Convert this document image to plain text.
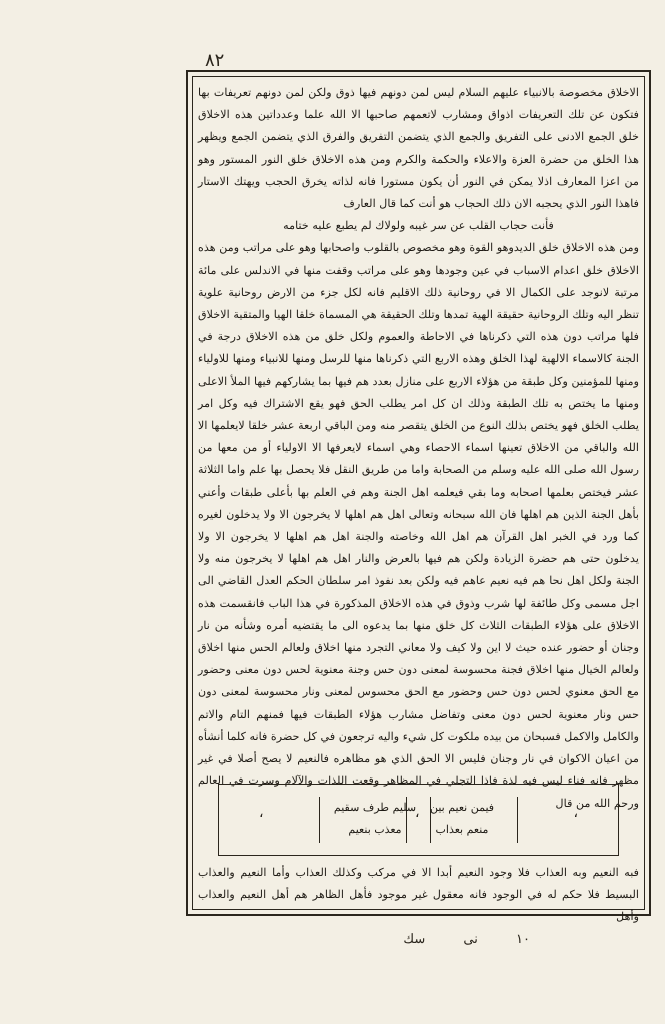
٨٢

الاخلاق مخصوصة بالانبياء عليهم السلام ليس لمن دونهم فيها ذوق ولكن لمن دونهم تعريفات بها فتكون عن تلك التعريفات اذواق ومشارب لاتعمهم صاحبها الا الله علما وعدداتين هذه الاخلاق خلق الجمع الادنى على التفريق والجمع الذي يتضمن التفريق والفرق الذي يتضمن الجمع ويظهر هذا الخلق من حضرة العزة والاعلاء والحكمة والكرم ومن هذه الاخلاق خلق النور المستور وهو من اعزا المعارف اذلا يمكن في النور أن يكون مستورا فانه لذاته يخرق الحجب ويهتك الاستار فاهذا النور الذي يحجبه الان ذلك الحجاب هو أنت كما قال العارف

فأنت حجاب القلب عن سر غيبه ولولاك لم يطبع عليه ختامه

ومن هذه الاخلاق خلق الديدوهو القوة وهو مخصوص بالقلوب واصحابها وهو على مراتب ومن هذه الاخلاق خلق اعدام الاسباب في عين وجودها وهو على مراتب وقفت منها في الاندلس على مائة مرتبة لانوجد على الكمال الا في روحانية ذلك الاقليم فانه لكل جزء من الارض روحانية علوية تنظر اليه وتلك الروحانية حقيقة الهية تمدها وتلك الحقيقة هي المسماة خلقا الهيا والمتقية الاخلاق فلها مراتب دون هذه التي ذكرناها في الاحاطة والعموم ولكل خلق من هذه الاخلاق درجة في الجنة كالاسماء الالهية لهذا الخلق وهذه الاربع التي ذكرناها منها للرسل ومنها للانبياء ومنها للاولياء ومنها للمؤمنين وكل طبقة من هؤلاء الاربع على منازل بعدد هم فيها بما يشاركهم فيها الملأ الاعلى ومنها ما يختص به تلك الطبقة وذلك ان كل امر يطلب الحق فهو يقع الاشتراك فيه وكل امر يطلب الخلق فهو يختص بذلك النوع من الخلق يتقصر منه ومن الباقي اربعة عشر خلقا لايعلمها الا الله والباقي من الاخلاق تعينها اسماء الاحصاء وهي اسماء لايعرفها الا الاولياء أو من معها من رسول الله صلى الله عليه وسلم من الصحابة واما من طريق النقل فلا يحصل بها علم واما الثلاثة عشر فيختص بعلمها اصحابه وما بقي فيعلمه اهل الجنة وهم في العلم بها بأعلى طبقات وأعني بأهل الجنة الذين هم اهلها فان الله سبحانه وتعالى اهل هم اهلها لا يخرجون الا ولا يدخلون لغيره كما ورد في الخبر اهل القرآن هم اهل الله وخاصته والجنة اهل هم اهلها لا يخرجون الا ولا يدخلون حتى هم حضرة الزيادة ولكن هم فيها بالعرض والنار اهل هم اهلها لا يخرجون منه ولا الجنة ولكل اهل نحا هم فيه نعيم عاهم فيه ولكن بعد نفوذ امر سلطان الحكم العدل القاضي الى اجل مسمى وكل طائفة لها شرب وذوق في هذه الاخلاق المذكورة في هذا الباب فانقسمت هذه الاخلاق على هؤلاء الطبقات الثلاث كل خلق منها بما يدعوه الى ما يقتضيه أمره وشأنه من نار وجنان أو حضور عنده حيث لا اين ولا كيف ولا معاني التجرد منها اخلاق ولعالم الحس منها اخلاق ولعالم الخيال منها اخلاق فجنة محسوسة لمعنى دون حس وجنة معنوية لحس دون معنى وحضور مع الحق معنوي لحس دون حس وحضور مع الحق محسوس لمعنى ونار محسوسة لمعنى دون حس ونار معنوية لحس دون معنى وتفاضل مشارب هؤلاء الطبقات فيها فمنهم التام والاتم والكامل والاكمل فسبحان من بيده ملكوت كل شيء واليه ترجعون في كل حضرة فانه كلما أنشأه من اعيان الاكوان في نار وجنان فليس الا الحق الذي هو مظاهره فالنعيم لا يصح أصلا في غير مظهر فانه فناء ليس فيه لذة فاذا التجلي في المظاهر وقعت اللذات والآلام وسرت في العالم ورحم الله من قال

،
فيمن نعيم بين
منعم بعذاب
،
سليم طرف سقيم
معذب بنعيم
،
فبه النعيم وبه العذاب فلا وجود النعيم أبدا الا في مركب وكذلك العذاب وأما النعيم والعذاب البسيط فلا حكم له في الوجود فانه معقول غير موجود فأهل الظاهر هم أهل النعيم والعذاب وأهل
١٠ نى سك
